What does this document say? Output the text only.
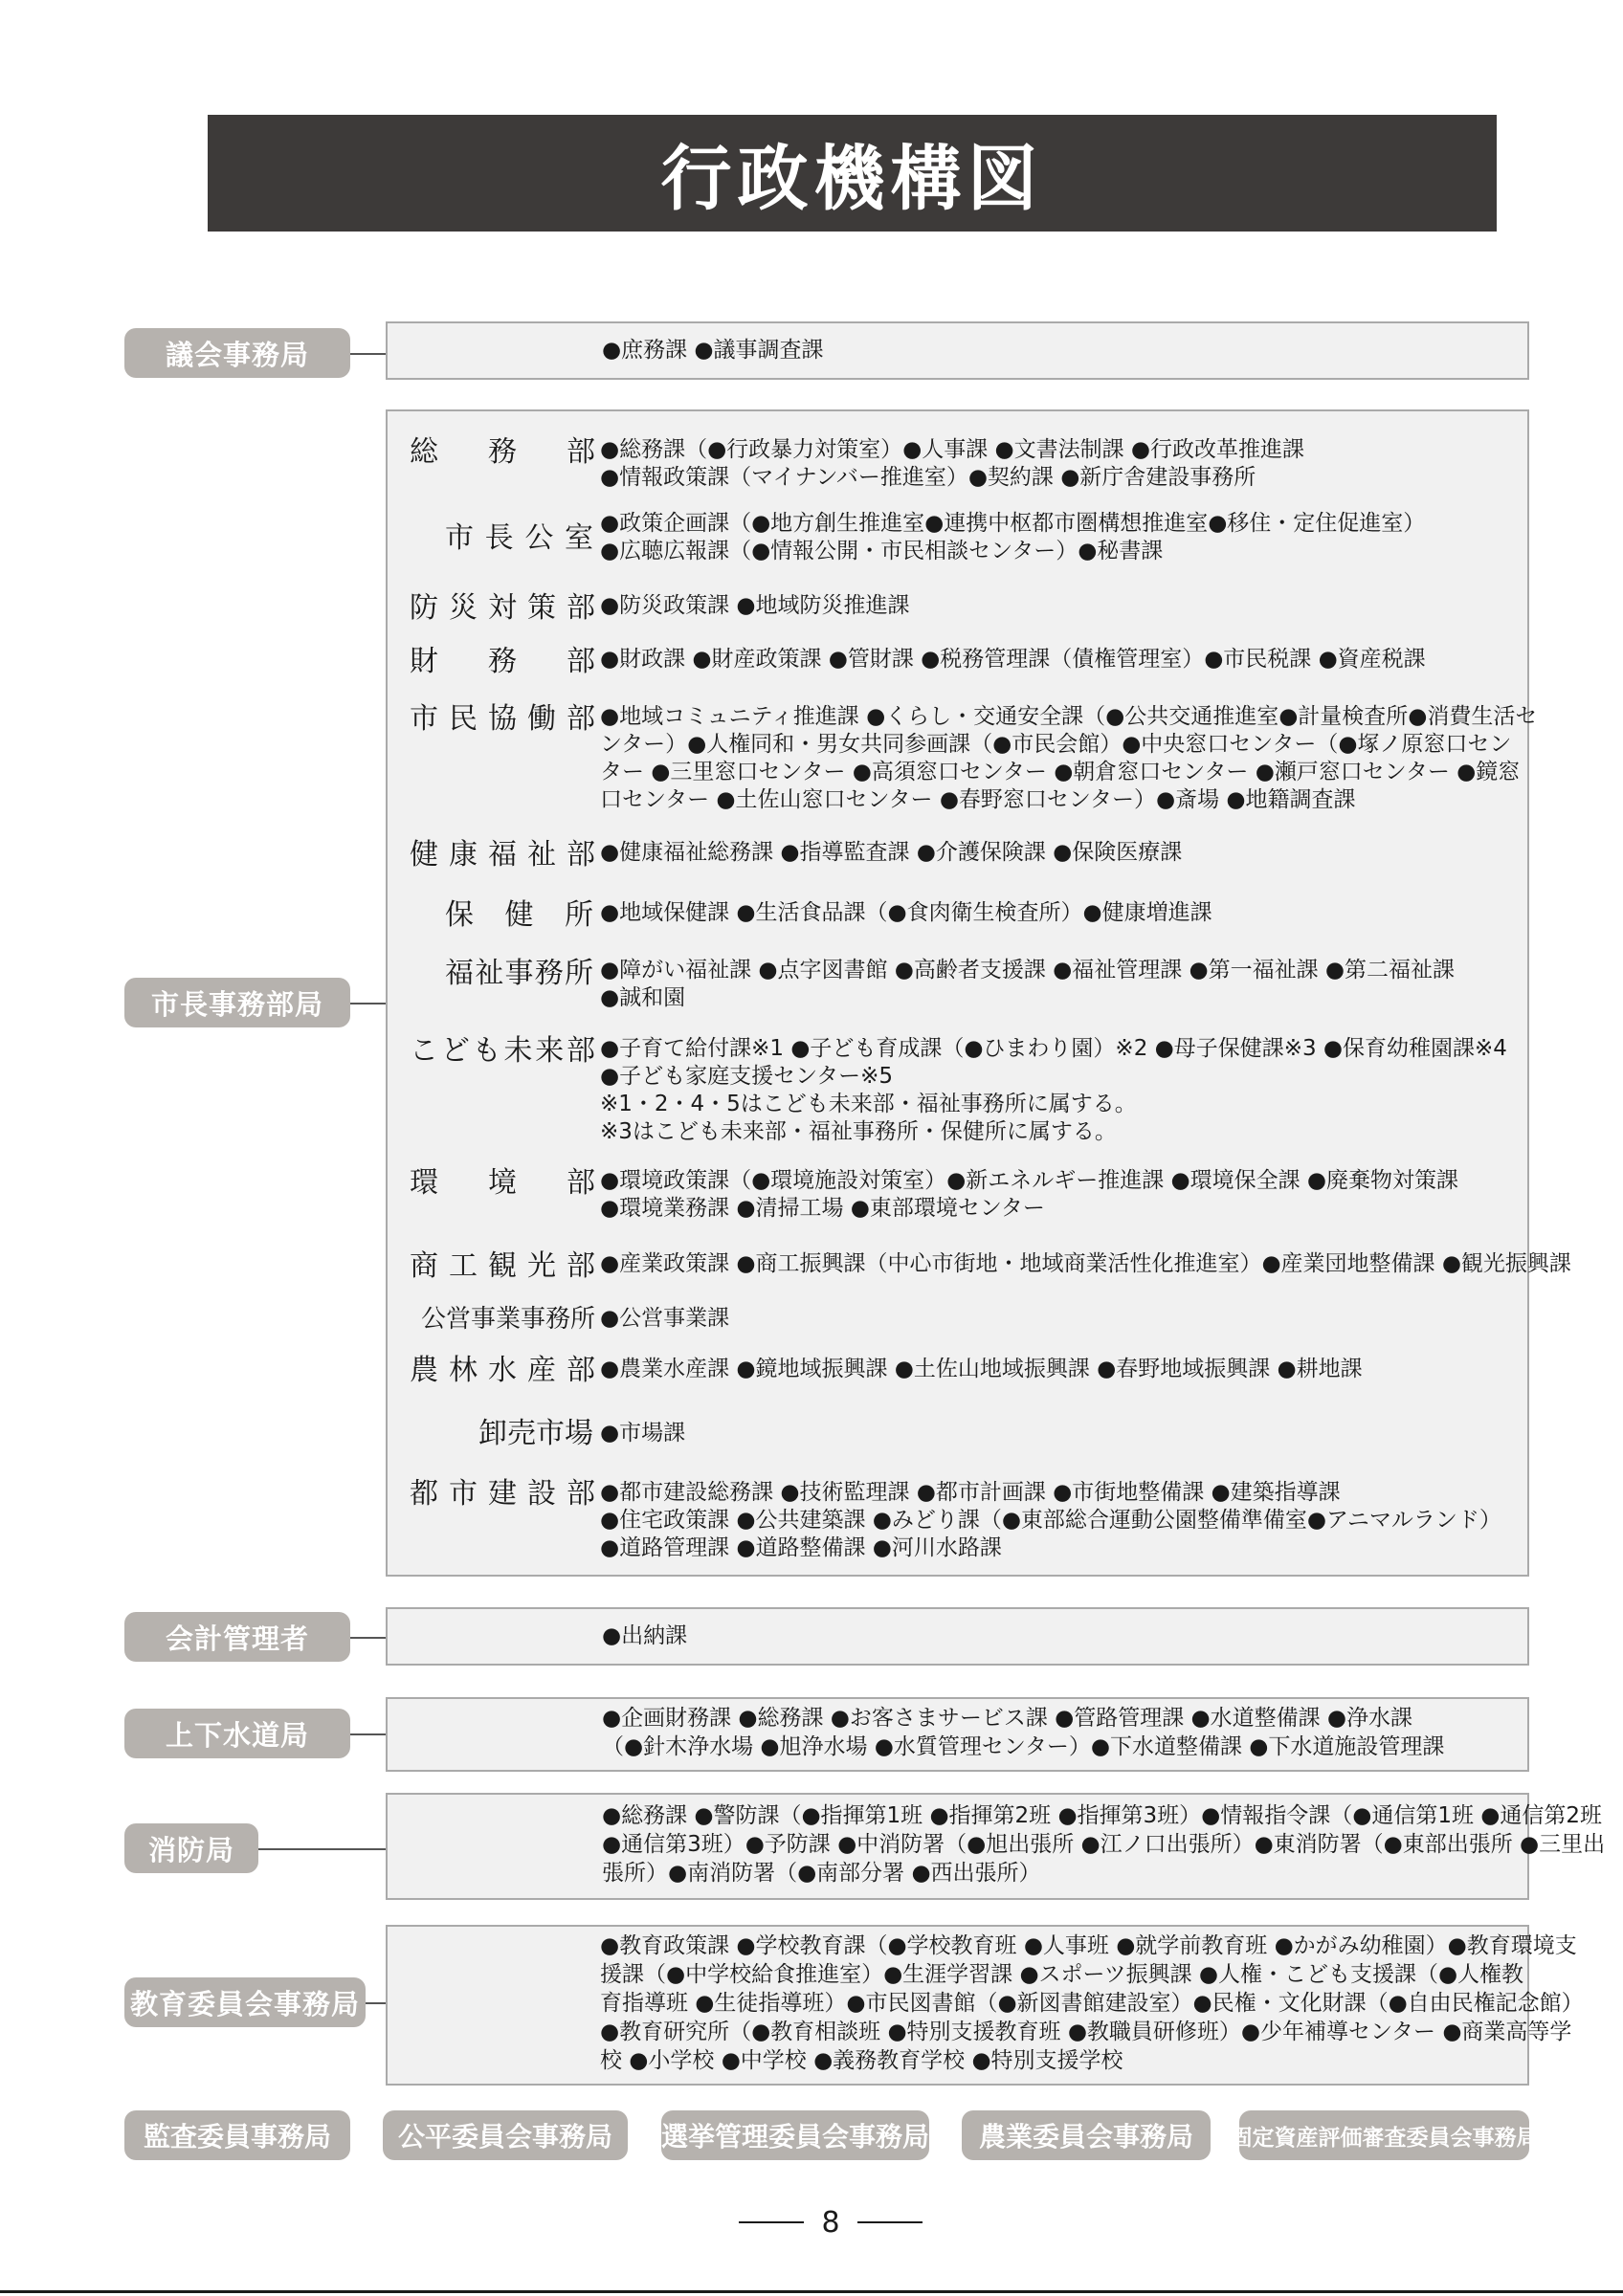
行政機構図
議会事務局	●庶務課 ●議事調査課
市長事務部局
総務部 ●総務課（●行政暴力対策室）●人事課 ●文書法制課 ●行政改革推進課
●情報政策課（マイナンバー推進室）●契約課 ●新庁舎建設事務所
市長公室 ●政策企画課（●地方創生推進室●連携中枢都市圏構想推進室●移住・定住促進室）
●広聴広報課（●情報公開・市民相談センター）●秘書課
防災対策部 ●防災政策課 ●地域防災推進課
財務部 ●財政課 ●財産政策課 ●管財課 ●税務管理課（債権管理室）●市民税課 ●資産税課
市民協働部 ●地域コミュニティ推進課 ●くらし・交通安全課（●公共交通推進室●計量検査所●消費生活セ
ンター）●人権同和・男女共同参画課（●市民会館）●中央窓口センター（●塚ノ原窓口セン
ター ●三里窓口センター ●高須窓口センター ●朝倉窓口センター ●瀬戸窓口センター ●鏡窓
口センター ●土佐山窓口センター ●春野窓口センター）●斎場 ●地籍調査課
健康福祉部 ●健康福祉総務課 ●指導監査課 ●介護保険課 ●保険医療課
保健所 ●地域保健課 ●生活食品課（●食肉衛生検査所）●健康増進課
福祉事務所 ●障がい福祉課 ●点字図書館 ●高齢者支援課 ●福祉管理課 ●第一福祉課 ●第二福祉課
●誠和園
こども未来部 ●子育て給付課※1 ●子ども育成課（●ひまわり園）※2 ●母子保健課※3 ●保育幼稚園課※4
●子ども家庭支援センター※5
※1・2・4・5はこども未来部・福祉事務所に属する。
※3はこども未来部・福祉事務所・保健所に属する。
環境部 ●環境政策課（●環境施設対策室）●新エネルギー推進課 ●環境保全課 ●廃棄物対策課
●環境業務課 ●清掃工場 ●東部環境センター
商工観光部 ●産業政策課 ●商工振興課（中心市街地・地域商業活性化推進室）●産業団地整備課 ●観光振興課
公営事業事務所 ●公営事業課
農林水産部 ●農業水産課 ●鏡地域振興課 ●土佐山地域振興課 ●春野地域振興課 ●耕地課
卸売市場 ●市場課
都市建設部 ●都市建設総務課 ●技術監理課 ●都市計画課 ●市街地整備課 ●建築指導課
●住宅政策課 ●公共建築課 ●みどり課（●東部総合運動公園整備準備室●アニマルランド）
●道路管理課 ●道路整備課 ●河川水路課
会計管理者	●出納課
上下水道局
●企画財務課 ●総務課 ●お客さまサービス課 ●管路管理課 ●水道整備課 ●浄水課
（●針木浄水場 ●旭浄水場 ●水質管理センター）●下水道整備課 ●下水道施設管理課
消防局
●総務課 ●警防課（●指揮第1班 ●指揮第2班 ●指揮第3班）●情報指令課（●通信第1班 ●通信第2班
●通信第3班）●予防課 ●中消防署（●旭出張所 ●江ノ口出張所）●東消防署（●東部出張所 ●三里出
張所）●南消防署（●南部分署 ●西出張所）
教育委員会事務局
●教育政策課 ●学校教育課（●学校教育班 ●人事班 ●就学前教育班 ●かがみ幼稚園）●教育環境支
援課（●中学校給食推進室）●生涯学習課 ●スポーツ振興課 ●人権・こども支援課（●人権教
育指導班 ●生徒指導班）●市民図書館（●新図書館建設室）●民権・文化財課（●自由民権記念館）
●教育研究所（●教育相談班 ●特別支援教育班 ●教職員研修班）●少年補導センター ●商業高等学
校 ●小学校 ●中学校 ●義務教育学校 ●特別支援学校
監査委員事務局	公平委員会事務局	選挙管理委員会事務局	農業委員会事務局	固定資産評価審査委員会事務局
8
